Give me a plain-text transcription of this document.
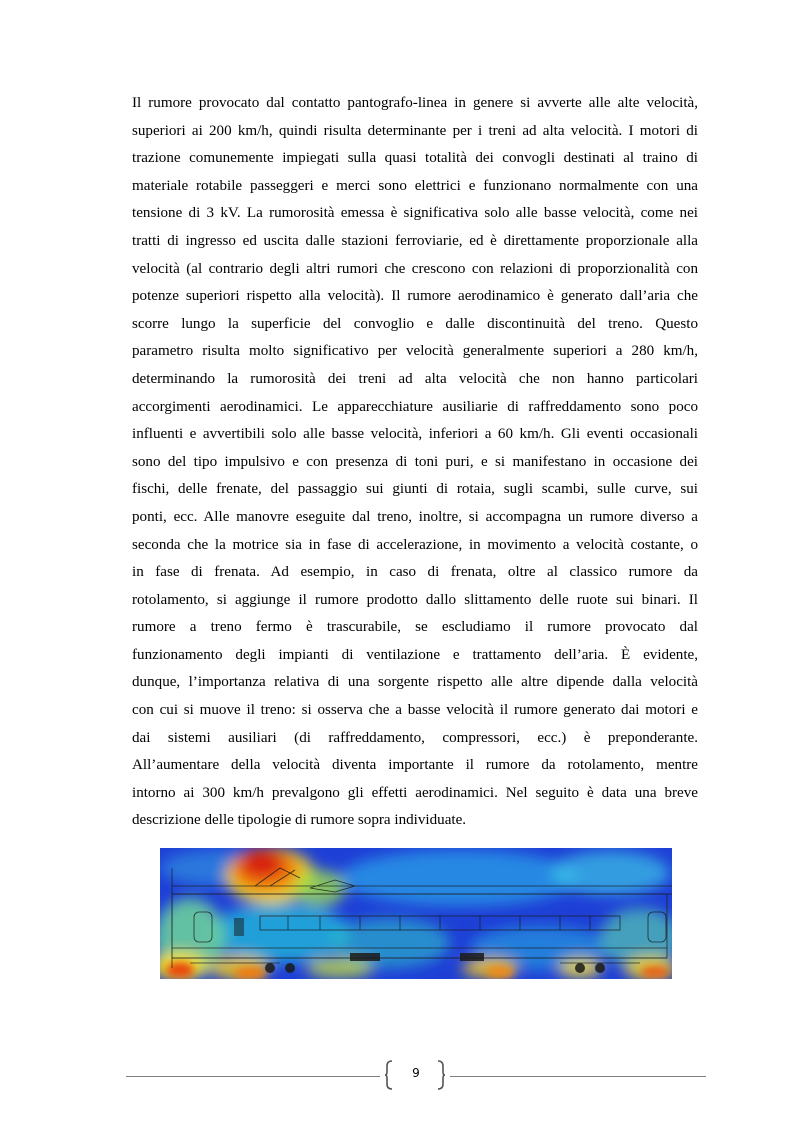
Il rumore provocato dal contatto pantografo-linea in genere si avverte alle alte velocità,
superiori ai 200 km/h, quindi risulta determinante per i treni ad alta velocità. I motori di
trazione comunemente impiegati sulla quasi totalità dei convogli destinati al traino di
materiale rotabile passeggeri e merci sono elettrici e funzionano normalmente con una
tensione di 3 kV. La rumorosità emessa è significativa solo alle basse velocità, come nei
tratti di ingresso ed uscita dalle stazioni ferroviarie, ed è direttamente proporzionale alla
velocità (al contrario degli altri rumori che crescono con relazioni di proporzionalità con
potenze superiori rispetto alla velocità). Il rumore aerodinamico è generato dall’aria che
scorre lungo la superficie del convoglio e dalle discontinuità del treno. Questo
parametro risulta molto significativo per velocità generalmente superiori a 280 km/h,
determinando la rumorosità dei treni ad alta velocità che non hanno particolari
accorgimenti aerodinamici. Le apparecchiature ausiliarie di raffreddamento sono poco
influenti e avvertibili solo alle basse velocità, inferiori a 60 km/h. Gli eventi occasionali
sono del tipo impulsivo e con presenza di toni puri, e si manifestano in occasione dei
fischi, delle frenate, del passaggio sui giunti di rotaia, sugli scambi, sulle curve, sui
ponti, ecc. Alle manovre eseguite dal treno, inoltre, si accompagna un rumore diverso a
seconda che la motrice sia in fase di accelerazione, in movimento a velocità costante, o
in fase di frenata. Ad esempio, in caso di frenata, oltre al classico rumore da
rotolamento, si aggiunge il rumore prodotto dallo slittamento delle ruote sui binari. Il
rumore a treno fermo è trascurabile, se escludiamo il rumore provocato dal
funzionamento degli impianti di ventilazione e trattamento dell’aria. È evidente,
dunque, l’importanza relativa di una sorgente rispetto alle altre dipende dalla velocità
con cui si muove il treno: si osserva che a basse velocità il rumore generato dai motori e
dai sistemi ausiliari (di raffreddamento, compressori, ecc.) è preponderante.
All’aumentare della velocità diventa importante il rumore da rotolamento, mentre
intorno ai 300 km/h prevalgono gli effetti aerodinamici. Nel seguito è data una breve
descrizione delle tipologie di rumore sopra individuate.
9
